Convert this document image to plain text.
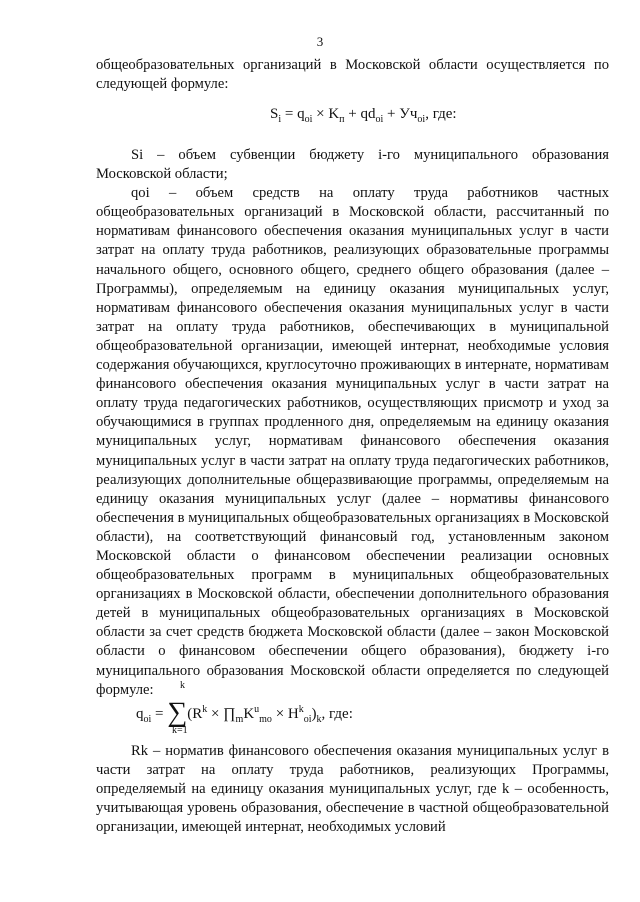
3

общеобразовательных организаций в Московской области осуществляется по следующей формуле:

$S_i = q_{oi} \times K_п + qd_{oi} + Уч_{oi}$, где:

Si – объем субвенции бюджету i-го муниципального образования Московской области;

qoi – объем средств на оплату труда работников частных общеобразовательных организаций в Московской области, рассчитанный по нормативам финансового обеспечения оказания муниципальных услуг в части затрат на оплату труда работников, реализующих образовательные программы начального общего, основного общего, среднего общего образования (далее – Программы), определяемым на единицу оказания муниципальных услуг, нормативам финансового обеспечения оказания муниципальных услуг в части затрат на оплату труда работников, обеспечивающих в муниципальной общеобразовательной организации, имеющей интернат, необходимые условия содержания обучающихся, круглосуточно проживающих в интернате, нормативам финансового обеспечения оказания муниципальных услуг в части затрат на оплату труда педагогических работников, осуществляющих присмотр и уход за обучающимися в группах продленного дня, определяемым на единицу оказания муниципальных услуг, нормативам финансового обеспечения оказания муниципальных услуг в части затрат на оплату труда педагогических работников, реализующих дополнительные общеразвивающие программы, определяемым на единицу оказания муниципальных услуг (далее – нормативы финансового обеспечения в муниципальных общеобразовательных организациях в Московской области), на соответствующий финансовый год, установленным законом Московской области о финансовом обеспечении реализации основных общеобразовательных программ в муниципальных общеобразовательных организациях в Московской области, обеспечении дополнительного образования детей в муниципальных общеобразовательных организациях в Московской области за счет средств бюджета Московской области (далее – закон Московской области о финансовом обеспечении общего образования), бюджету i-го муниципального образования Московской области определяется по следующей формуле:	k
$q_{oi} = \sum(R^k$ × $\prod_mK^u_{mo} \times H^k_{oi})_k$, где:
k=1

Rk – норматив финансового обеспечения оказания муниципальных услуг в части затрат на оплату труда работников, реализующих Программы, определяемый на единицу оказания муниципальных услуг, где k – особенность, учитывающая уровень образования, обеспечение в частной общеобразовательной организации, имеющей интернат, необходимых условий
